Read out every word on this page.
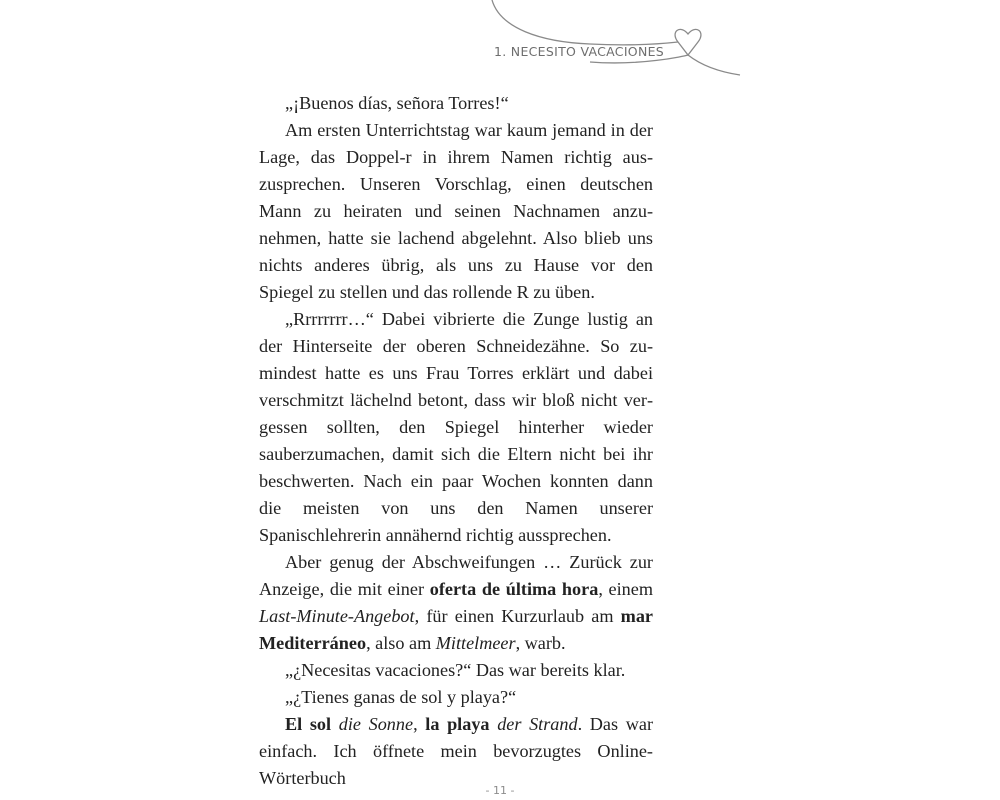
1. NECESITO VACACIONES

„¡Buenos días, señora Torres!“

Am ersten Unterrichtstag war kaum jemand in der Lage, das Doppel-r in ihrem Namen richtig auszusprechen. Unseren Vorschlag, einen deutschen Mann zu heiraten und seinen Nachnamen anzunehmen, hatte sie lachend abgelehnt. Also blieb uns nichts anderes übrig, als uns zu Hause vor den Spiegel zu stellen und das rollende R zu üben.

„Rrrrrrrr…“ Dabei vibrierte die Zunge lustig an der Hinterseite der oberen Schneidezähne. So zumindest hatte es uns Frau Torres erklärt und dabei verschmitzt lächelnd betont, dass wir bloß nicht vergessen sollten, den Spiegel hinterher wieder sauberzumachen, damit sich die Eltern nicht bei ihr beschwerten. Nach ein paar Wochen konnten dann die meisten von uns den Namen unserer Spanischlehrerin annähernd richtig aussprechen.

Aber genug der Abschweifungen … Zurück zur Anzeige, die mit einer oferta de última hora, einem Last-Minute-Angebot, für einen Kurzurlaub am mar Mediterráneo, also am Mittelmeer, warb.

„¿Necesitas vacaciones?“ Das war bereits klar.

„¿Tienes ganas de sol y playa?“

El sol die Sonne, la playa der Strand. Das war einfach. Ich öffnete mein bevorzugtes Online-Wörterbuch

- 11 -
